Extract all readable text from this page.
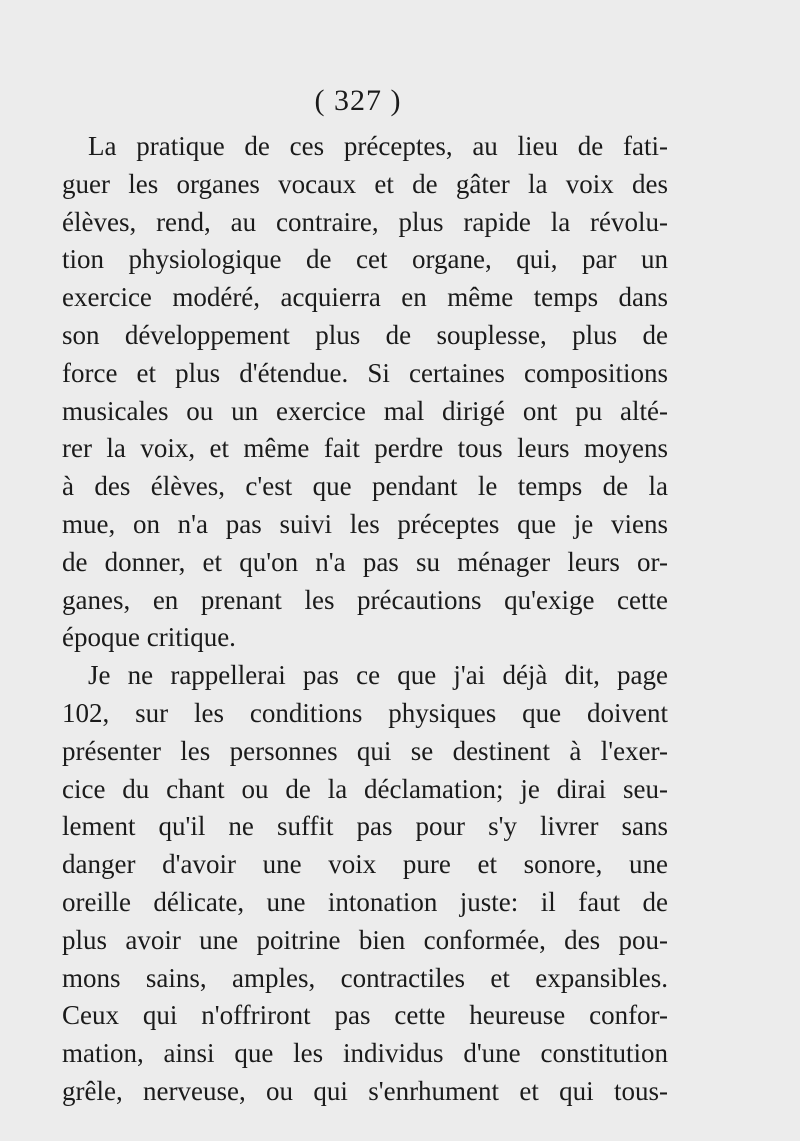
( 327 )
La pratique de ces préceptes, au lieu de fati-
guer les organes vocaux et de gâter la voix des
élèves, rend, au contraire, plus rapide la révolu-
tion physiologique de cet organe, qui, par un
exercice modéré, acquierra en même temps dans
son développement plus de souplesse, plus de
force et plus d'étendue. Si certaines compositions
musicales ou un exercice mal dirigé ont pu alté-
rer la voix, et même fait perdre tous leurs moyens
à des élèves, c'est que pendant le temps de la
mue, on n'a pas suivi les préceptes que je viens
de donner, et qu'on n'a pas su ménager leurs or-
ganes, en prenant les précautions qu'exige cette
époque critique.
Je ne rappellerai pas ce que j'ai déjà dit, page
102, sur les conditions physiques que doivent
présenter les personnes qui se destinent à l'exer-
cice du chant ou de la déclamation; je dirai seu-
lement qu'il ne suffit pas pour s'y livrer sans
danger d'avoir une voix pure et sonore, une
oreille délicate, une intonation juste: il faut de
plus avoir une poitrine bien conformée, des pou-
mons sains, amples, contractiles et expansibles.
Ceux qui n'offriront pas cette heureuse confor-
mation, ainsi que les individus d'une constitution
grêle, nerveuse, ou qui s'enrhument et qui tous-
